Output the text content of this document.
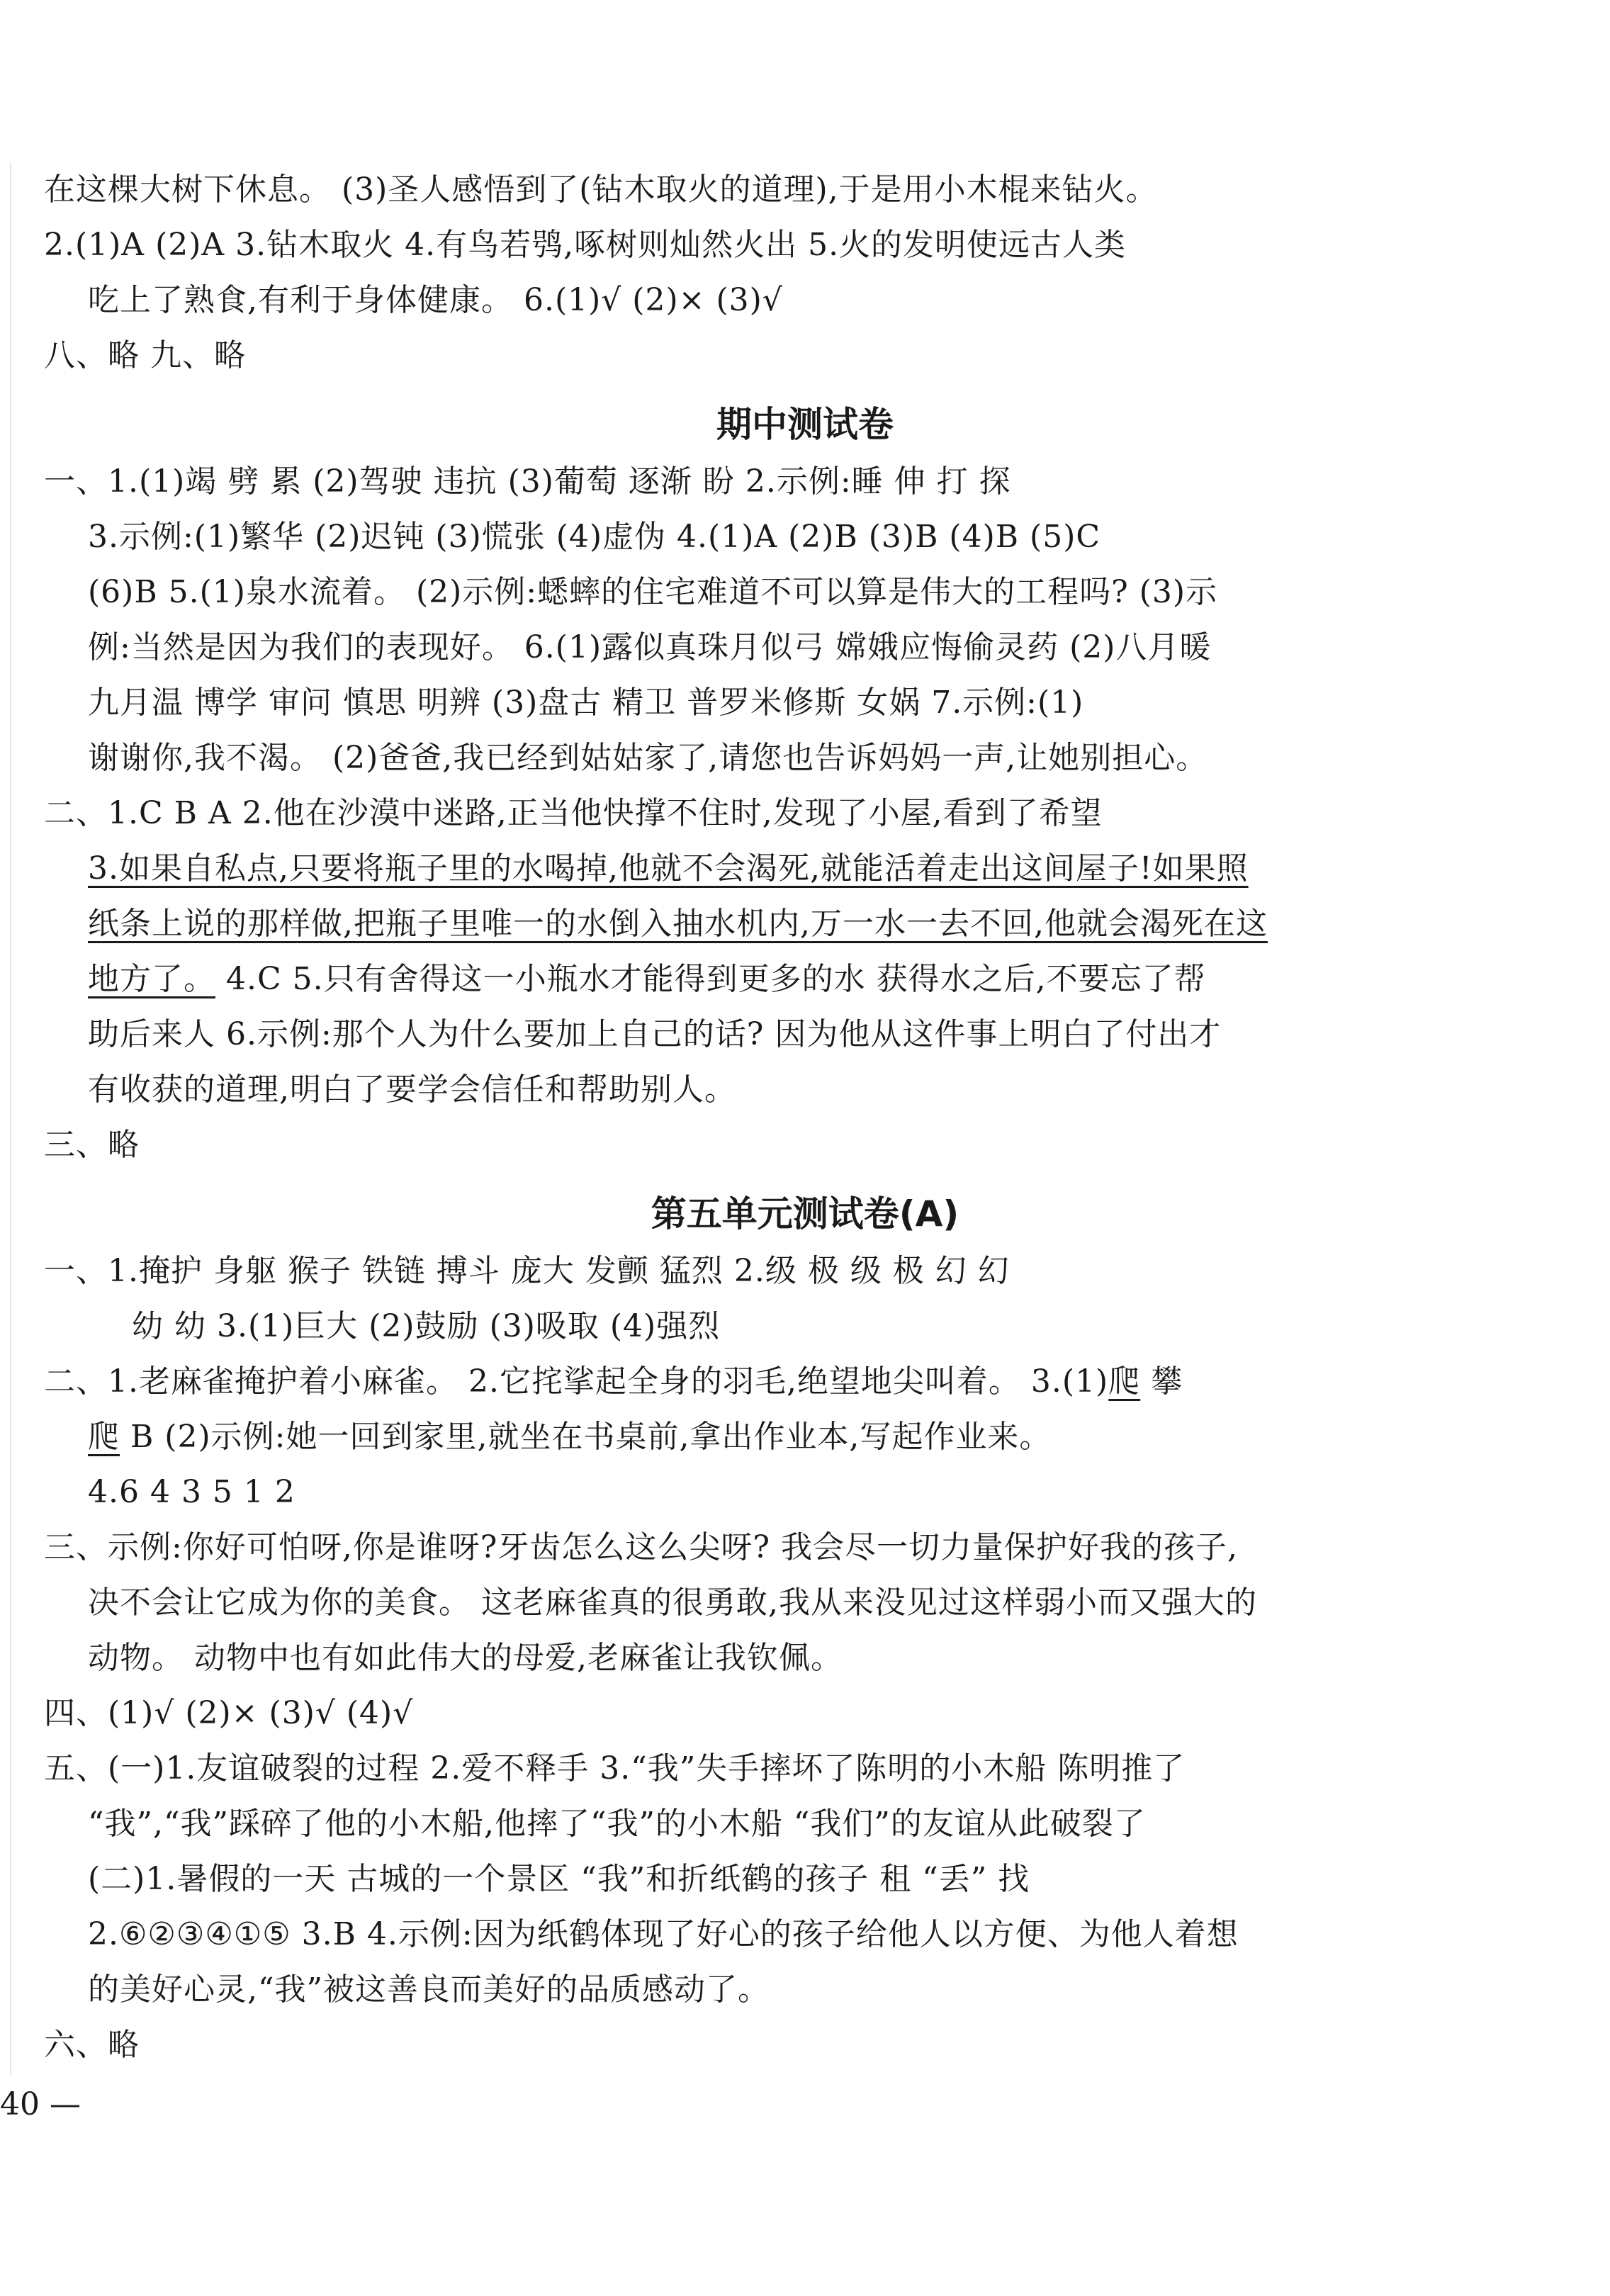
在这棵大树下休息。 (3)圣人感悟到了(钻木取火的道理),于是用小木棍来钻火。
2.(1)A (2)A 3.钻木取火 4.有鸟若鸮,啄树则灿然火出 5.火的发明使远古人类
吃上了熟食,有利于身体健康。 6.(1)√ (2)× (3)√
八、略 九、略
期中测试卷
一、1.(1)竭 劈 累 (2)驾驶 违抗 (3)葡萄 逐渐 盼 2.示例:睡 伸 打 探
3.示例:(1)繁华 (2)迟钝 (3)慌张 (4)虚伪 4.(1)A (2)B (3)B (4)B (5)C
(6)B 5.(1)泉水流着。 (2)示例:蟋蟀的住宅难道不可以算是伟大的工程吗? (3)示
例:当然是因为我们的表现好。 6.(1)露似真珠月似弓 嫦娥应悔偷灵药 (2)八月暖
九月温 博学 审问 慎思 明辨 (3)盘古 精卫 普罗米修斯 女娲 7.示例:(1)
谢谢你,我不渴。 (2)爸爸,我已经到姑姑家了,请您也告诉妈妈一声,让她别担心。
二、1.C B A 2.他在沙漠中迷路,正当他快撑不住时,发现了小屋,看到了希望
3.如果自私点,只要将瓶子里的水喝掉,他就不会渴死,就能活着走出这间屋子!如果照
纸条上说的那样做,把瓶子里唯一的水倒入抽水机内,万一水一去不回,他就会渴死在这
地方了。 4.C 5.只有舍得这一小瓶水才能得到更多的水 获得水之后,不要忘了帮
助后来人 6.示例:那个人为什么要加上自己的话? 因为他从这件事上明白了付出才
有收获的道理,明白了要学会信任和帮助别人。
三、略
第五单元测试卷(A)
一、1.掩护 身躯 猴子 铁链 搏斗 庞大 发颤 猛烈 2.级 极 级 极 幻 幻
幼 幼 3.(1)巨大 (2)鼓励 (3)吸取 (4)强烈
二、1.老麻雀掩护着小麻雀。 2.它挓挲起全身的羽毛,绝望地尖叫着。 3.(1)爬 攀
爬 B (2)示例:她一回到家里,就坐在书桌前,拿出作业本,写起作业来。
4.6 4 3 5 1 2
三、示例:你好可怕呀,你是谁呀?牙齿怎么这么尖呀? 我会尽一切力量保护好我的孩子,
决不会让它成为你的美食。 这老麻雀真的很勇敢,我从来没见过这样弱小而又强大的
动物。 动物中也有如此伟大的母爱,老麻雀让我钦佩。
四、(1)√ (2)× (3)√ (4)√
五、(一)1.友谊破裂的过程 2.爱不释手 3.“我”失手摔坏了陈明的小木船 陈明推了
“我”,“我”踩碎了他的小木船,他摔了“我”的小木船 “我们”的友谊从此破裂了
(二)1.暑假的一天 古城的一个景区 “我”和折纸鹤的孩子 租 “丢” 找
2.⑥②③④①⑤ 3.B 4.示例:因为纸鹤体现了好心的孩子给他人以方便、为他人着想
的美好心灵,“我”被这善良而美好的品质感动了。
六、略
40 —
